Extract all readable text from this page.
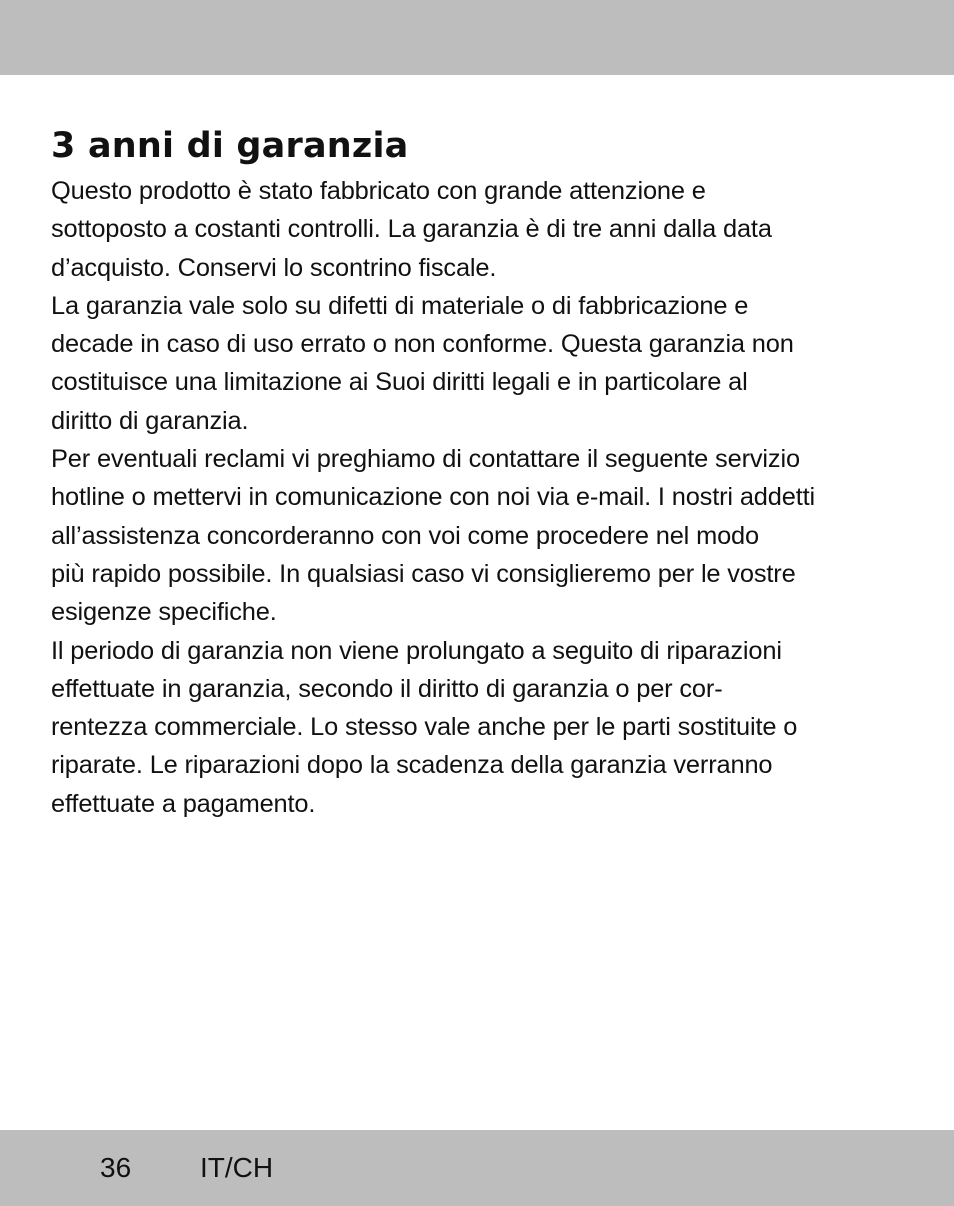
3 anni di garanzia

Questo prodotto è stato fabbricato con grande attenzione e
sottoposto a costanti controlli. La garanzia è di tre anni dalla data
d’acquisto. Conservi lo scontrino fiscale.

La garanzia vale solo su difetti di materiale o di fabbricazione e
decade in caso di uso errato o non conforme. Questa garanzia non
costituisce una limitazione ai Suoi diritti legali e in particolare al
diritto di garanzia.

Per eventuali reclami vi preghiamo di contattare il seguente servizio
hotline o mettervi in comunicazione con noi via e-mail. I nostri addetti
all’assistenza concorderanno con voi come procedere nel modo
più rapido possibile. In qualsiasi caso vi consiglieremo per le vostre
esigenze specifiche.

Il periodo di garanzia non viene prolungato a seguito di riparazioni
effettuate in garanzia, secondo il diritto di garanzia o per cor-
rentezza commerciale. Lo stesso vale anche per le parti sostituite o
riparate. Le riparazioni dopo la scadenza della garanzia verranno
effettuate a pagamento.

36 IT/CH
